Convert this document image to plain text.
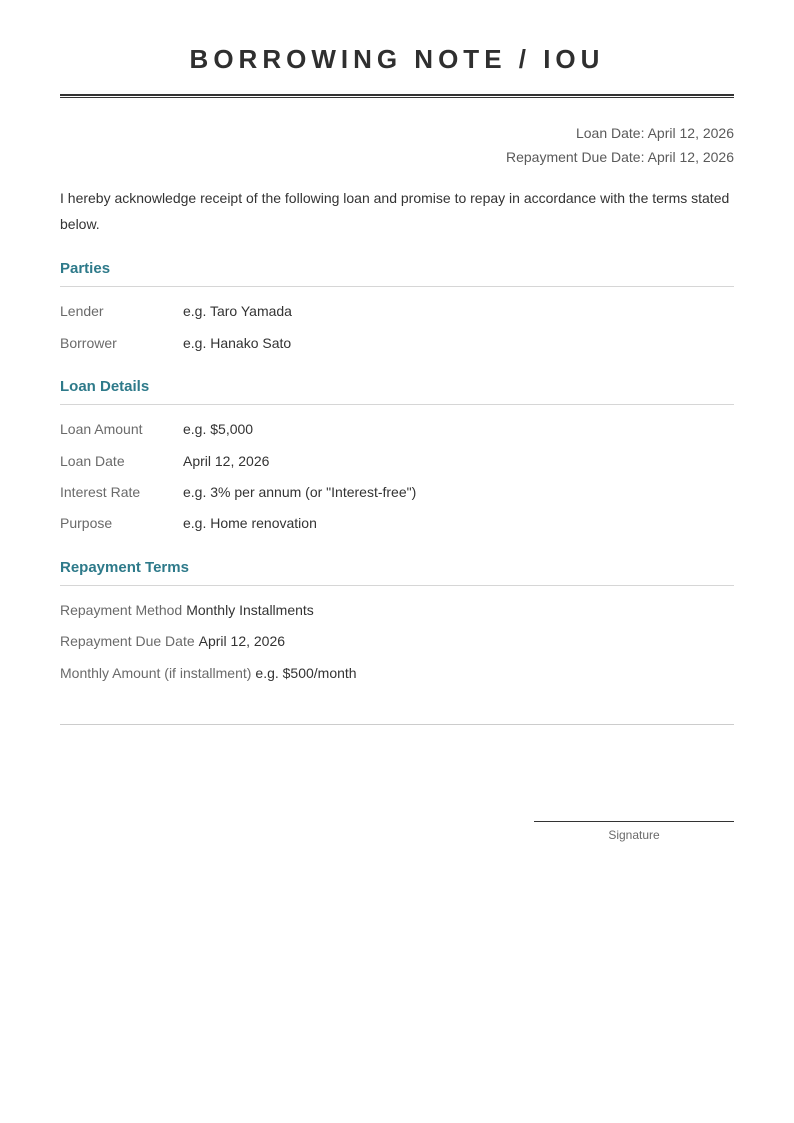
BORROWING NOTE / IOU
Loan Date: April 12, 2026
Repayment Due Date: April 12, 2026

I hereby acknowledge receipt of the following loan and promise to repay in accordance with the terms stated below.

Parties
Lender	e.g. Taro Yamada
Borrower	e.g. Hanako Sato
Loan Details
Loan Amount	e.g. $5,000
Loan Date	April 12, 2026
Interest Rate	e.g. 3% per annum (or "Interest-free")
Purpose	e.g. Home renovation
Repayment Terms
Repayment Method Monthly Installments
Repayment Due Date April 12, 2026
Monthly Amount (if installment) e.g. $500/month
Signature
